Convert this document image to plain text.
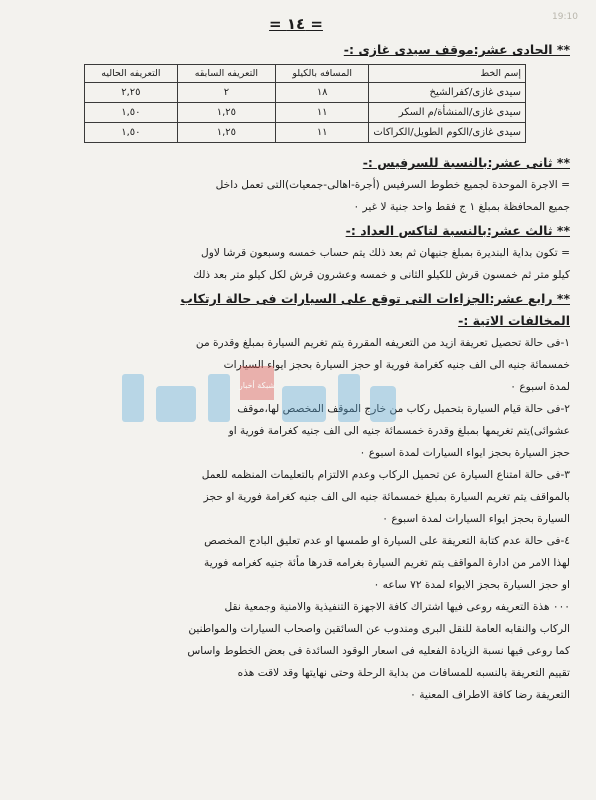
19:10
= ١٤ =
** الحادى عشر:موقف سيدى غازى :-
إسم الخط	المسافه بالكيلو	التعريفه السابقه	التعريفه الحاليه
سيدى غازى/كفرالشيخ	١٨	٢	٢,٢٥
سيدى غازى/المنشأة/م السكر	١١	١,٢٥	١,٥٠
سيدى غازى/الكوم الطويل/الكراكات	١١	١,٢٥	١,٥٠
** ثانى عشر:بالنسبة للسرفيس :-
= الاجرة الموحدة لجميع خطوط السرفيس (أجرة-اهالى-جمعيات)التى تعمل داخل
جميع المحافظة بمبلغ ١ ج فقط واحد جنية لا غير ٠
** ثالث عشر:بالنسبة لتاكس العداد :-
= تكون بداية البنديرة بمبلغ جنيهان ثم بعد ذلك يتم حساب خمسه وسبعون قرشا لاول
كيلو متر ثم خمسون قرش للكيلو الثانى و خمسه وعشرون قرش لكل كيلو متر بعد ذلك
** رابع عشر:الجزاءات التى توقع على السيارات فى حالة ارتكاب
المخالفات الاتية :-
١-فى حالة تحصيل تعريفة ازيد من التعريفه المقررة يتم تغريم السيارة بمبلغ وقدرة من
خمسمائة جنيه الى الف جنيه كغرامة فورية او حجز السيارة بحجز ايواء السيارات
لمدة اسبوع ٠
٢-فى حالة قيام السيارة بتحميل ركاب من خارج الموقف المخصص لها،موقف
عشوائى)يتم تغريمها بمبلغ وقدرة خمسمائة جنيه الى الف جنيه كغرامة فورية او
حجز السيارة بحجز ايواء السيارات لمدة اسبوع ٠
٣-فى حالة امتناع السيارة عن تحميل الركاب وعدم الالتزام بالتعليمات المنظمه للعمل
بالمواقف يتم تغريم السيارة بمبلغ خمسمائة جنيه الى الف جنيه كغرامة فورية او حجز
السيارة بحجز ايواء السيارات لمدة اسبوع ٠
٤-فى حالة عدم كتابة التعريفة على السيارة او طمسها او عدم تعليق البادج المخصص
لهذا الامر من ادارة المواقف يتم تغريم السيارة بغرامه قدرها مأئة جنيه كغرامه فورية
او حجز السيارة بحجز الايواء لمدة ٧٢ ساعه ٠
٠٠٠ هذة التعريفه روعى فيها اشتراك كافة الاجهزة التنفيذية والامنية وجمعية نقل
الركاب والنقابه العامة للنقل البرى ومندوب عن السائقين واصحاب السيارات والمواطنين
كما روعى فيها نسبة الزيادة الفعليه فى اسعار الوقود السائدة فى بعض الخطوط واساس
تقييم التعريفة بالنسبه للمسافات من بداية الرحلة وحتى نهايتها وقد لاقت هذه
التعريفة رضا كافة الاطراف المعنية ٠
شبكة أخبار
